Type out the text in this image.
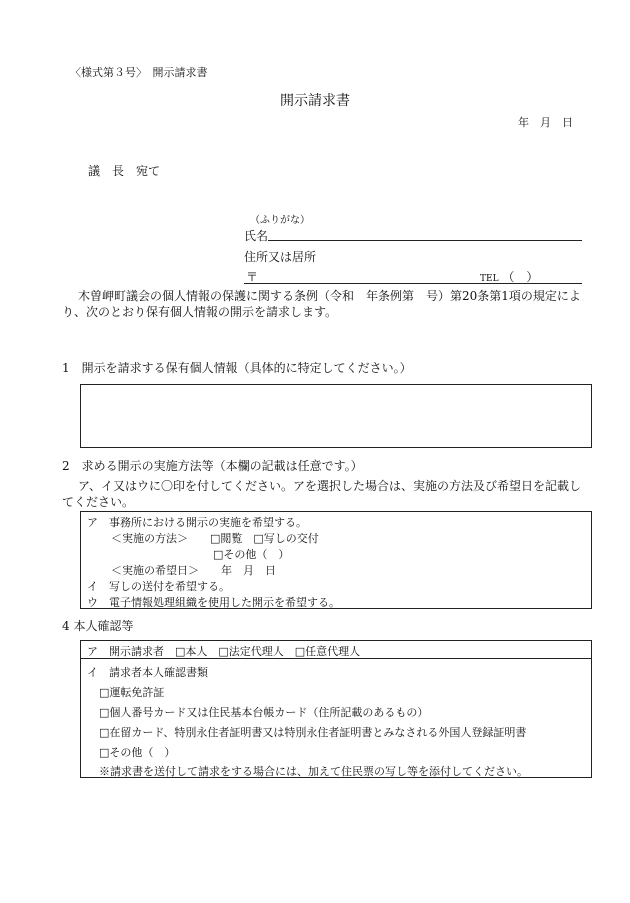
〈様式第３号〉　開示請求書
開示請求書
年　月　日
議　長　宛て
（ふりがな）
氏名
住所又は居所
〒	TEL （　）
木曽岬町議会の個人情報の保護に関する条例（令和　年条例第　号）第20条第1項の規定により、次のとおり保有個人情報の開示を請求します。
1　開示を請求する保有個人情報（具体的に特定してください。）
2　求める開示の実施方法等（本欄の記載は任意です。）
ア、イ又はウに〇印を付してください。アを選択した場合は、実施の方法及び希望日を記載してください。
ア　事務所における開示の実施を希望する。
＜実施の方法＞　　□閲覧　□写しの交付
□その他（　）
＜実施の希望日＞　　年　月　日
イ　写しの送付を希望する。
ウ　電子情報処理組織を使用した開示を希望する。
4 本人確認等
ア　開示請求者　□本人　□法定代理人　□任意代理人
イ　請求者本人確認書類
□運転免許証
□個人番号カード又は住民基本台帳カード（住所記載のあるもの）
□在留カード、特別永住者証明書又は特別永住者証明書とみなされる外国人登録証明書
□その他（　）
※請求書を送付して請求をする場合には、加えて住民票の写し等を添付してください。
